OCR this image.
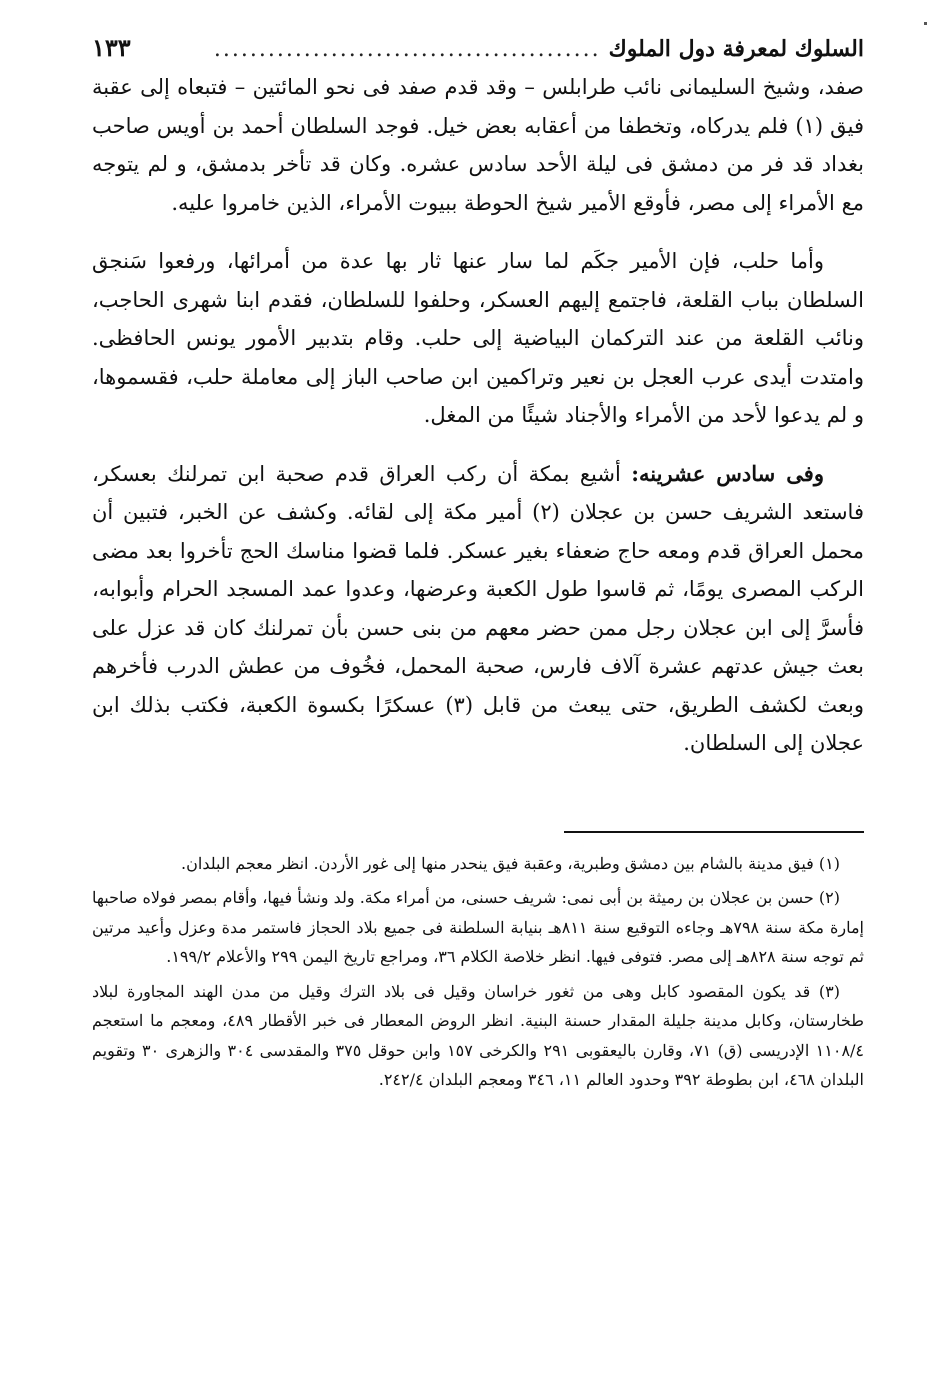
السلوك لمعرفة دول الملوك
...........................................
١٣٣

صفد، وشيخ السليمانى نائب طرابلس – وقد قدم صفد فى نحو المائتين – فتبعاه إلى عقبة فيق (١) فلم يدركاه، وتخطفا من أعقابه بعض خيل. فوجد السلطان أحمد بن أويس صاحب بغداد قد فر من دمشق فى ليلة الأحد سادس عشره. وكان قد تأخر بدمشق، و لم يتوجه مع الأمراء إلى مصر، فأوقع الأمير شيخ الحوطة ببيوت الأمراء، الذين خامروا عليه.

وأما حلب، فإن الأمير جكَم لما سار عنها ثار بها عدة من أمرائها، ورفعوا سَنجق السلطان بباب القلعة، فاجتمع إليهم العسكر، وحلفوا للسلطان، فقدم ابنا شهرى الحاجب، ونائب القلعة من عند التركمان البياضية إلى حلب. وقام بتدبير الأمور يونس الحافظى. وامتدت أيدى عرب العجل بن نعير وتراكمين ابن صاحب الباز إلى معاملة حلب، فقسموها، و لم يدعوا لأحد من الأمراء والأجناد شيئًا من المغل.

وفى سادس عشرينه: أشيع بمكة أن ركب العراق قدم صحبة ابن تمرلنك بعسكر، فاستعد الشريف حسن بن عجلان (٢) أمير مكة إلى لقائه. وكشف عن الخبر، فتبين أن محمل العراق قدم ومعه حاج ضعفاء بغير عسكر. فلما قضوا مناسك الحج تأخروا بعد مضى الركب المصرى يومًا، ثم قاسوا طول الكعبة وعرضها، وعدوا عمد المسجد الحرام وأبوابه، فأسرَّ إلى ابن عجلان رجل ممن حضر معهم من بنى حسن بأن تمرلنك كان قد عزل على بعث جيش عدتهم عشرة آلاف فارس، صحبة المحمل، فخُوف من عطش الدرب فأخرهم وبعث لكشف الطريق، حتى يبعث من قابل (٣) عسكرًا بكسوة الكعبة، فكتب بذلك ابن عجلان إلى السلطان.

(١) فيق مدينة بالشام بين دمشق وطبرية، وعقبة فيق ينحدر منها إلى غور الأردن. انظر معجم البلدان.

(٢) حسن بن عجلان بن رميثة بن أبى نمى: شريف حسنى، من أمراء مكة. ولد ونشأ فيها، وأقام بمصر فولاه صاحبها إمارة مكة سنة ٧٩٨هـ وجاءه التوقيع سنة ٨١١هـ بنيابة السلطنة فى جميع بلاد الحجاز فاستمر مدة وعزل وأعيد مرتين ثم توجه سنة ٨٢٨هـ إلى مصر. فتوفى فيها. انظر خلاصة الكلام ٣٦، ومراجع تاريخ اليمن ٢٩٩ والأعلام ١٩٩/٢.

(٣) قد يكون المقصود كابل وهى من ثغور خراسان وقيل فى بلاد الترك وقيل من مدن الهند المجاورة لبلاد طخارستان، وكابل مدينة جليلة المقدار حسنة البنية. انظر الروض المعطار فى خبر الأقطار ٤٨٩، ومعجم ما استعجم ١١٠٨/٤ الإدريسى (ق) ٧١، وقارن باليعقوبى ٢٩١ والكرخى ١٥٧ وابن حوقل ٣٧٥ والمقدسى ٣٠٤ والزهرى ٣٠ وتقويم البلدان ٤٦٨، ابن بطوطة ٣٩٢ وحدود العالم ١١، ٣٤٦ ومعجم البلدان ٢٤٢/٤.
